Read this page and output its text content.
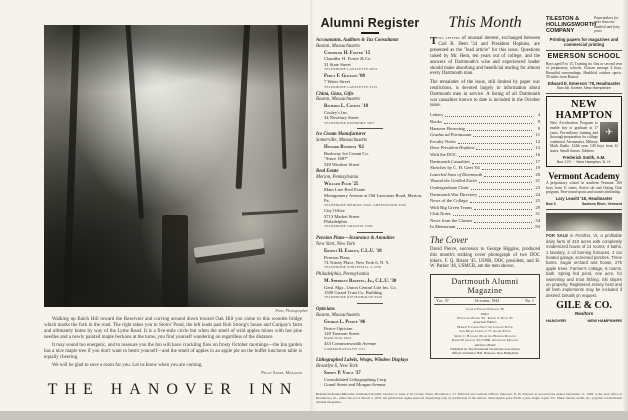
Penn, Photographer

Walking up Balch Hill toward the Reservoir and curving around down toward Oak Hill you come to this wooden bridge which marks the fork in the road. The right takes you to Storrs' Pond, the left leads past Bob Strong's house and Garipay's farm and ultimately home by way of the Lyme Road. It is a five-mile circle but when the smell of wild apples mixes with hot pine needles and a newly painted maple beckons at the turns, you find yourself wandering on regardless of the distance.

It may sound too energetic, and to reassure you the Inn will have crackling fires on frosty October mornings—the Inn garden has a nice maple tree if you don't want to bestir yourself—and the smell of apples in an apple pie on the buffet luncheon table is equally cheering.

We will be glad to save a room for you. Let us know when you are coming.

Peggy Sayre, Manager
THE HANOVER INN
Alumni Register
Accountants, Auditors & Tax Consultants
Boston, Massachusetts
Chandler H. Foster '15
Chandler H. Foster & Co.
31 State Street
TELEPHONE LAFAYETTE 0054
Percy F. Gleason '08
7 Water Street
TELEPHONE LAFAYETTE 0135
China, Glass, Gifts
Boston, Massachusetts
Richard L. Cooley '18
Cooley's Inc.
34 Newbury Street
TELEPHONE KENMORE 3827
Ice Cream Manufacturer
Somerville, Massachusetts
Howard Bushway '02
Bushway Ice Cream Co.
"Since 1887"
549 Windsor Street
Real Estate
Merion, Pennsylvania
William Pugh '25
Main Line Real Estate
Montgomery Avenue at Old Lancaster Road, Merion, Pa.
TELEPHONE MERION 3500, GREENWOOD 3500
City Office
3713 Market Street
Philadelphia
TELEPHONE GRANITE 3300
Pension Plans—Insurance & Annuities
New York, New York
Ernest H. Earley, C.L.U. '18
Pension Plans
74 Trinity Place, New York 6, N. Y.
TELEPHONE WHITEHALL 4-3700
Philadelphia, Pennsylvania
M. Sheridan Baketel, Jr., C.L.U. '30
Genl. Mgr., Union Central Life Ins. Co.
1500 Girard Trust Co. Building
TELEPHONE RITTENHOUSE 8540
Opticians
Boston, Massachusetts
George L. Peirce '06
Peirce Optician
120 Tremont Street
HANCOCK 6654
433 Commonwealth Avenue
COMMONWEALTH 1371
Lithographed Labels, Wraps, Window Displays
Brooklyn 6, New York
Sidney P. Voice '27
Consolidated Lithographing Corp.
Grand Street and Morgan Avenue
This Month

Two letters of unusual interest, exchanged between Carl B. Hem '34 and President Hopkins, are presented as the "lead article" for this issue. Questions raised by Mr. Hem, ten years out of college, and the answers of Dartmouth's wise and experienced leader should make absorbing and beneficial reading for almost every Dartmouth man.

The remainder of the issue, still limited by paper war restrictions, is devoted largely to information about Dartmouth men in service. A listing of all Dartmouth war casualties known to date is included in the October issue.

Letters	4
Books	9
Hanover Browsing	9
Gradus ad Parnassum	11
Faculty Notes	12
Dear President Hopkins	13
With the DOC	16
Dartmouth Casualties	17
Sketches by C. H. Geer '04	19
Laureled Sons of Dartmouth	20
'Round the Girdled Earth	21
Undergraduate Chair	23
Dartmouth War Directory	24
News of the College	25
With Big Green Teams	29
Club Notes	31
News from the Classes	34
In Memoriam	83
The Cover
David Pierce, successor to George Higgins, produced this month's striking cover photograph of two DOC hikers. F. Q. Briant '45, USNR, DOC president, and H. W. Parker '46, USMCR, are the men shown.
Dartmouth Alumni Magazine
Vol. 37	October, 1944	No. 1
Charles Edward Widmayer '30
Editor
Harold G. Barnes '26 · Robert S. Wood '45
Associate Editors
Herbert Faulkner West '22, Literary Editor
John Moore Comstock '77, Alumni Editor
Sidney C. Hayward '26, Acting Business Manager
Robert B. Graham '43, USNR, Advertising Manager
Advisory Board
Published by The Dartmouth Secretaries Association
Offices: Parkhurst Hall, Hanover, New Hampshire
TILESTON & HOLLINGSWORTH COMPANY
Papermakers for more than one hundred and forty years
Printing papers for magazines and commercial printing
EMERSON SCHOOL
Boys aged 9 to 15. Training for first or second year of preparatory schools. Classes average 4 boys. Beautiful surroundings. Healthful outdoor sports. 50 miles from Boston.
Edward E. Emerson '78, Headmaster
Box 88, Exeter, New Hampshire
NEW HAMPTON
✈
New Acceleration Program to enable boy to graduate at 17 years. Pre-military training and thorough preparation for college combined. Aeronautics, Military Math, Radio. 124th year, 140 boys from 12 states. Small classes. Address:
Frederick Smith, A.M.
Box 170 · · New Hampton, N. H.
Vermont Academy
A preparatory school in southern Vermont. 160 boys from 11 states. Active ski and Outing Club program. Year-round sports and sound scholarship.
Lary Leavitt '18, Headmaster
Box 6	Saxtons River, Vermont
FOR SALE in Pomfret, Vt, a profitable dairy farm of 410 acres with completely modernized house of 14 rooms, 4 baths, 1 lavatory, 2 oil burning furnaces, 2 car heated garage, screened porches. Three barns. Sugar orchard and house, 275 apple trees. Farmer's cottage, 6 rooms, bath. Spring fed pond, one acre, for swimming and trout fishing. Ski slopes on property. Registered Jersey herd and all farm implements may be included if desired. Details on request.
GILE & CO.
Realtors
HANOVER	NEW HAMPSHIRE
Dartmouth Alumni Magazine. Published monthly October to June at 10 Crosby Street, Brattleboro, Vt. Editorial and General Offices, Hanover, N. H. Entered as second-class matter December 11, 1928, at the post office at Brattleboro, Vt., under the act of March 3, 1879. All publication rights reserved. Reprinting only by permission of the editors. Subscription price $3.00 a year, single copies 35c. Make checks, drafts, etc., payable to Dartmouth Alumni Magazine.
